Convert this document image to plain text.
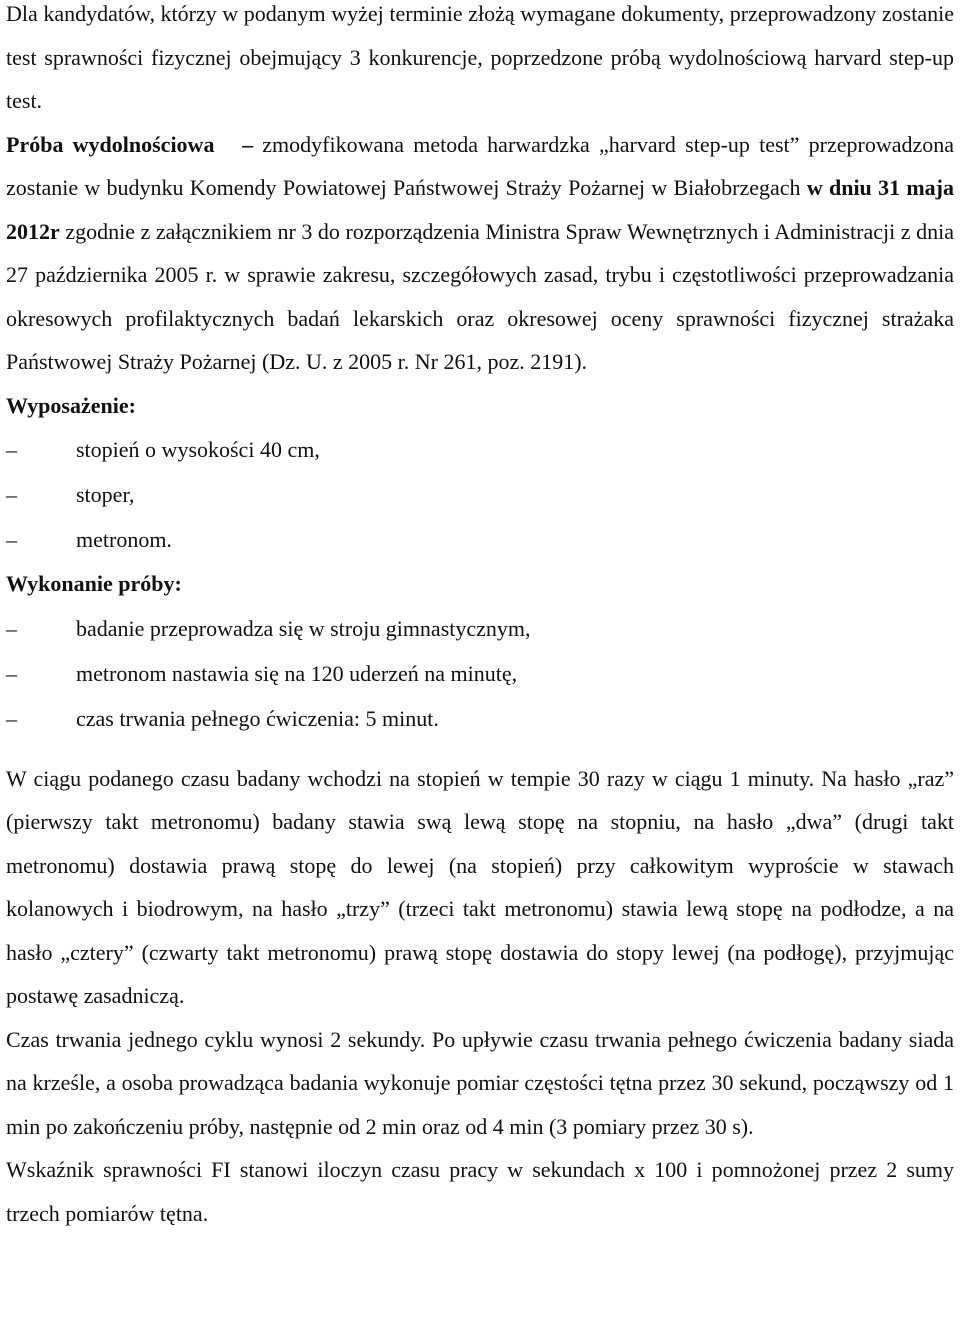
Dla kandydatów, którzy w podanym wyżej terminie złożą wymagane dokumenty, przeprowadzony zostanie test sprawności fizycznej obejmujący 3 konkurencje, poprzedzone próbą wydolnościową harvard step-up test.

Próba wydolnościowa – zmodyfikowana metoda harwardzka „harvard step-up test” przeprowadzona zostanie w budynku Komendy Powiatowej Państwowej Straży Pożarnej w Białobrzegach w dniu 31 maja 2012r zgodnie z załącznikiem nr 3 do rozporządzenia Ministra Spraw Wewnętrznych i Administracji z dnia 27 października 2005 r. w sprawie zakresu, szczegółowych zasad, trybu i częstotliwości przeprowadzania okresowych profilaktycznych badań lekarskich oraz okresowej oceny sprawności fizycznej strażaka Państwowej Straży Pożarnej (Dz. U. z 2005 r. Nr 261, poz. 2191).

Wyposażenie:
–	stopień o wysokości 40 cm,
–	stoper,
–	metronom.
Wykonanie próby:
–	badanie przeprowadza się w stroju gimnastycznym,
–	metronom nastawia się na 120 uderzeń na minutę,
–	czas trwania pełnego ćwiczenia: 5 minut.

W ciągu podanego czasu badany wchodzi na stopień w tempie 30 razy w ciągu 1 minuty. Na hasło „raz” (pierwszy takt metronomu) badany stawia swą lewą stopę na stopniu, na hasło „dwa” (drugi takt metronomu) dostawia prawą stopę do lewej (na stopień) przy całkowitym wyproście w stawach kolanowych i biodrowym, na hasło „trzy” (trzeci takt metronomu) stawia lewą stopę na podłodze, a na hasło „cztery” (czwarty takt metronomu) prawą stopę dostawia do stopy lewej (na podłogę), przyjmując postawę zasadniczą.

Czas trwania jednego cyklu wynosi 2 sekundy. Po upływie czasu trwania pełnego ćwiczenia badany siada na krześle, a osoba prowadząca badania wykonuje pomiar częstości tętna przez 30 sekund, począwszy od 1 min po zakończeniu próby, następnie od 2 min oraz od 4 min (3 pomiary przez 30 s).

Wskaźnik sprawności FI stanowi iloczyn czasu pracy w sekundach x 100 i pomnożonej przez 2 sumy trzech pomiarów tętna.
